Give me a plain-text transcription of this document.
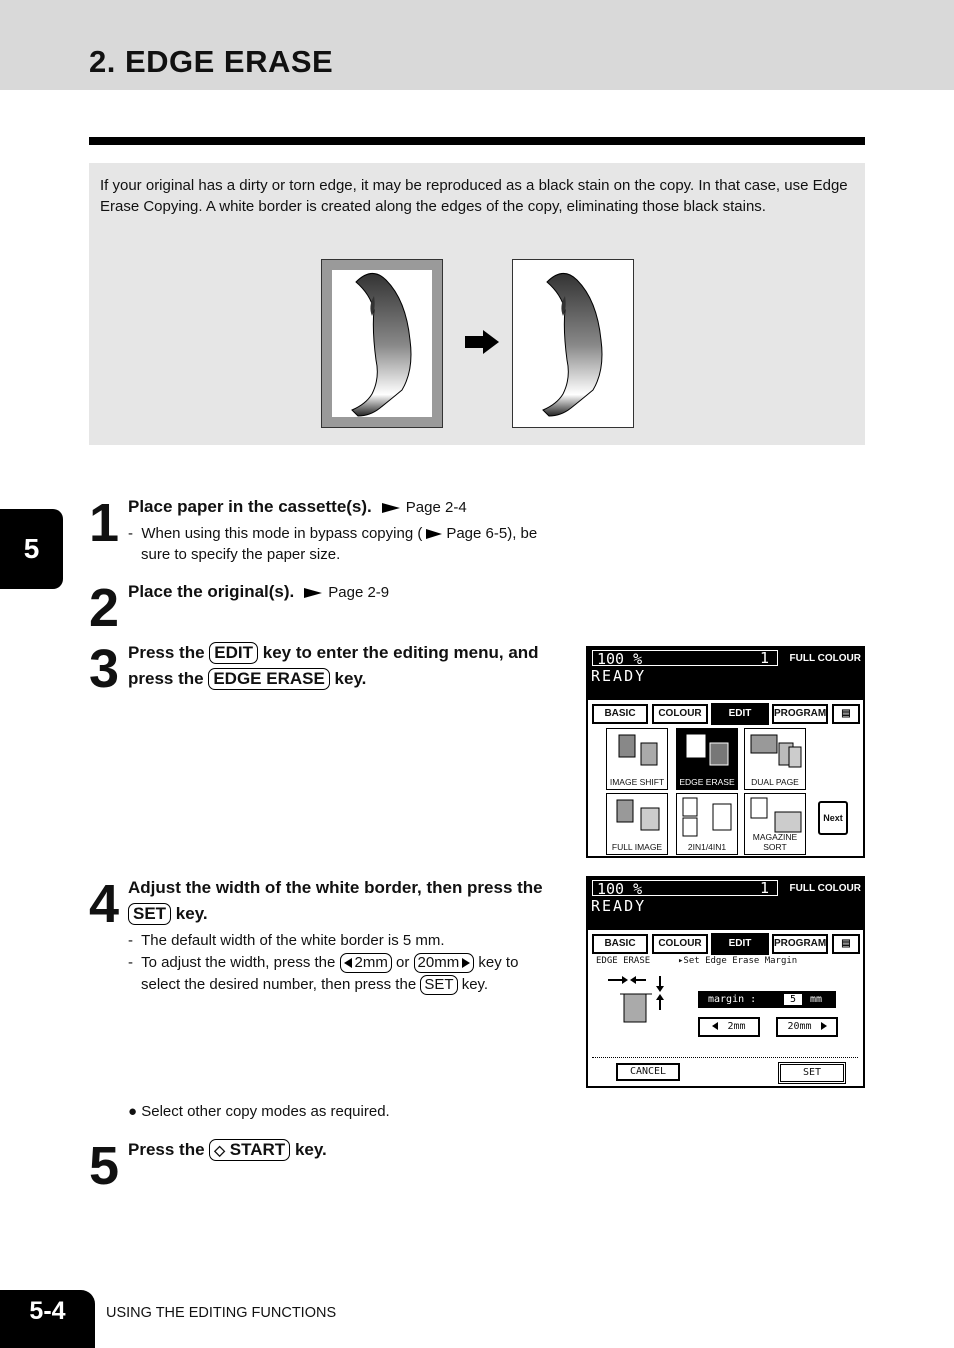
2. EDGE ERASE

If your original has a dirty or torn edge, it may be reproduced as a black stain on the copy. In that case, use Edge Erase Copying. A white border is created along the edges of the copy, eliminating those black stains.

5 1 Place paper in the cassette(s). Page 2-4
-  When using this mode in bypass copying ( Page 6-5), be
sure to specify the paper size.
2 Place the original(s). Page 2-9
3 Press the EDIT key to enter the editing menu, and
press the EDGE ERASE key.
100 %	1 FULL COLOUR
READY
BASIC	COLOUR	EDIT	PROGRAM	▤
IMAGE SHIFT	EDGE ERASE	DUAL PAGE
FULL IMAGE	2IN1/4IN1
MAGAZINE SORT
Next
4 Adjust the width of the white border, then press the
SET key.
-  The default width of the white border is 5 mm.
-  To adjust the width, press the 2mm or 20mm key to
select the desired number, then press the SET key.
100 %	1 FULL COLOUR
READY
BASIC	COLOUR	EDIT	PROGRAM	▤
EDGE ERASE	▸Set Edge Erase Margin
margin :	5	mm
2mm	20mm
CANCEL	SET
● Select other copy modes as required.
5 Press the ◇ START key.
5-4	USING THE EDITING FUNCTIONS
